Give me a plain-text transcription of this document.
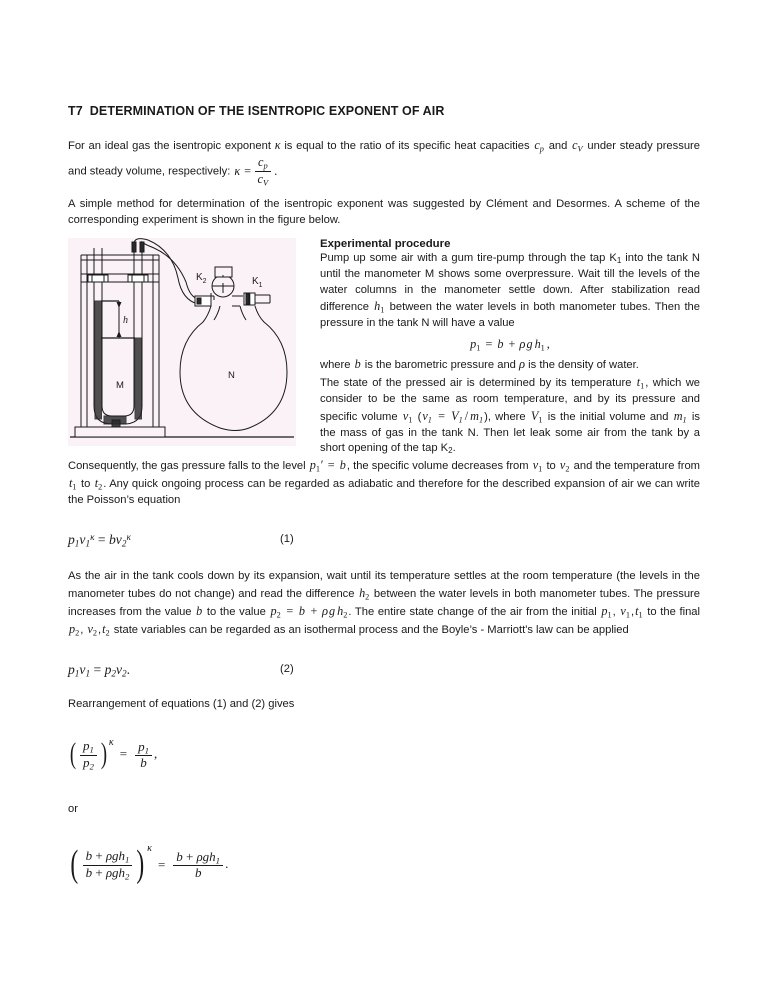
T7 DETERMINATION OF THE ISENTROPIC EXPONENT OF AIR

For an ideal gas the isentropic exponent κ is equal to the ratio of its specific heat capacities $c_p$ and $c_V$ under steady pressure and steady volume, respectively: $\kappa = \frac{c_p}{c_V}$ .

A simple method for determination of the isentropic exponent was suggested by Clément and Desormes. A scheme of the corresponding experiment is shown in the figure below.

M
N
h
$K_2$	$K_1$
Experimental procedure

Pump up some air with a gum tire-pump through the tap K1 into the tank N until the manometer M shows some overpressure. Wait till the levels of the water columns in the manometer settle down. After stabilization read difference $h_1$ between the water levels in both manometer tubes. Then the pressure in the tank N will have a value

$p_1 = b + \rho g$ $h_1$ ,

where b is the barometric pressure and ρ is the density of water.

The state of the pressed air is determined by its temperature $t_1$, which we consider to be the same as room temperature, and by its pressure and specific volume $v_1$ $(v_1 = V_1 / m_1)$, where $V_1$ is the initial volume and $m_1$ is the mass of gas in the tank N. Then let leak some air from the tank by a short opening of the tap K2.

Consequently, the gas pressure falls to the level $p_1' = b$, the specific volume decreases from $v_1$ to $v_2$ and the temperature from $t_1$ to $t_2$. Any quick ongoing process can be regarded as adiabatic and therefore for the described expansion of air we can write the Poisson’s equation

$p_1v_1^\kappa = bv_2^\kappa$	(1)

As the air in the tank cools down by its expansion, wait until its temperature settles at the room temperature (the levels in the manometer tubes do not change) and read the difference $h_2$ between the water levels in both manometer tubes. The pressure increases from the value b to the value $p_2 = b + \rho g$ $h_2$. The entire state change of the air from the initial $p_1$, $v_1,t_1$ to the final $p_2$, $v_2,t_2$ state variables can be regarded as an isothermal process and the Boyle’s - Marriott's law can be applied

$p_1v_1 = p_2v_2$.	(2)

Rearrangement of equations (1) and (2) gives

( $\frac{p_1}{p_2}$ ) $\kappa= \frac{p_1}{b}$ ,

or

( $\frac{b + \rho gh_1}{b + \rho gh_2}$ ) $\kappa= \frac{b + \rho gh_1}{b}$ .
